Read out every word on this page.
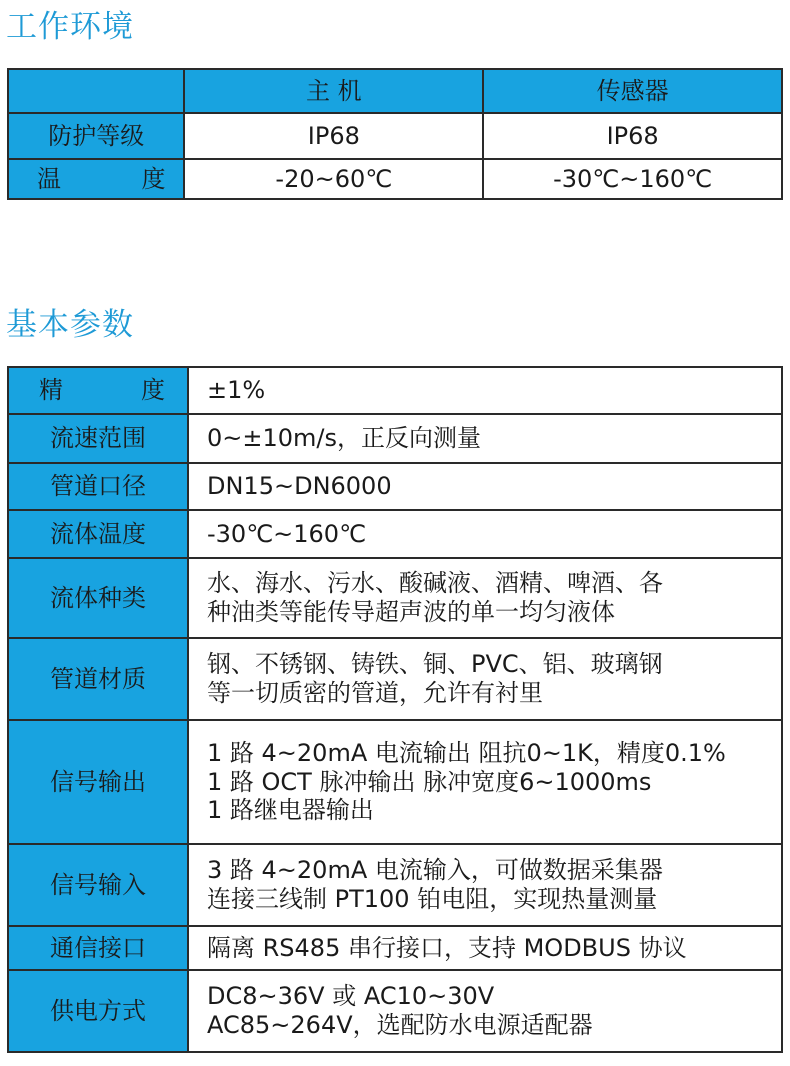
工作环境
	主 机	传感器
防护等级	IP68	IP68

温 度	-20~60℃	-30℃~160℃
基本参数
精 度	±1%

流速范围	0~±10m/s，正反向测量

管道口径	DN15~DN6000

流体温度	-30℃~160℃

流体种类	水、海水、污水、酸碱液、酒精、啤酒、各
种油类等能传导超声波的单一均匀液体

管道材质	钢、不锈钢、铸铁、铜、PVC、铝、玻璃钢
等一切质密的管道，允许有衬里

信号输出	1 路 4~20mA 电流输出 阻抗0~1K，精度0.1%
1 路 OCT 脉冲输出 脉冲宽度6~1000ms
1 路继电器输出

信号输入	3 路 4~20mA 电流输入，可做数据采集器
连接三线制 PT100 铂电阻，实现热量测量

通信接口	隔离 RS485 串行接口，支持 MODBUS 协议

供电方式	DC8~36V 或 AC10~30V
AC85~264V，选配防水电源适配器
